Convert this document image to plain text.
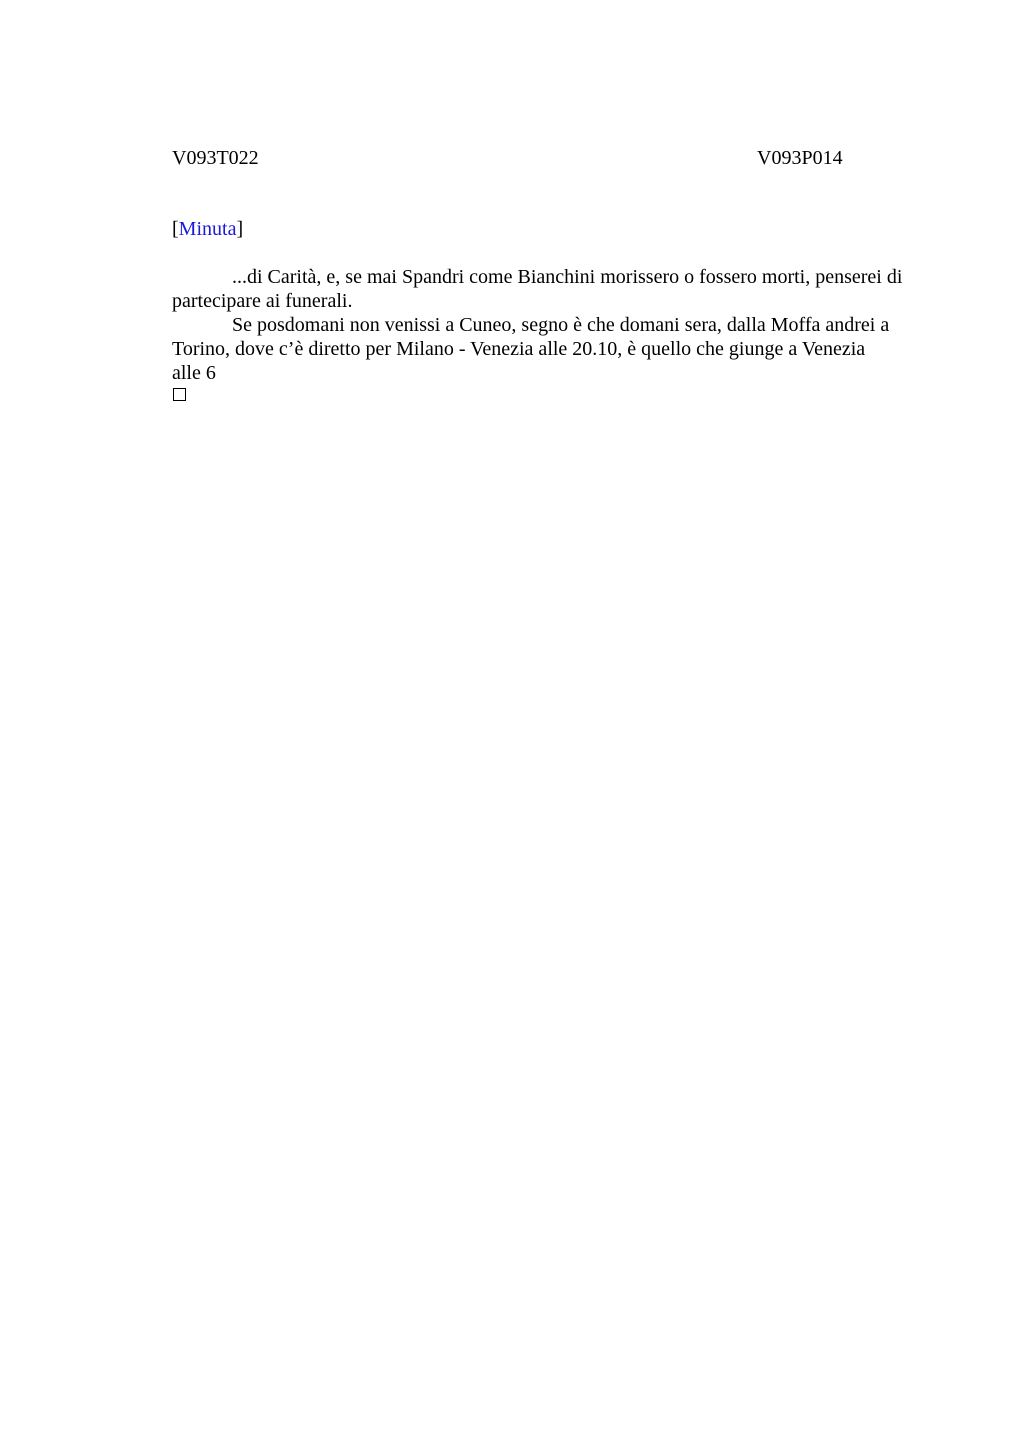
V093T022	V093P014
[Minuta]

...di Carità, e, se mai Spandri come Bianchini morissero o fossero morti, penserei di
partecipare ai funerali.

Se posdomani non venissi a Cuneo, segno è che domani sera, dalla Moffa andrei a
Torino, dove c’è diretto per Milano - Venezia alle 20.10, è quello che giunge a Venezia
alle 6
